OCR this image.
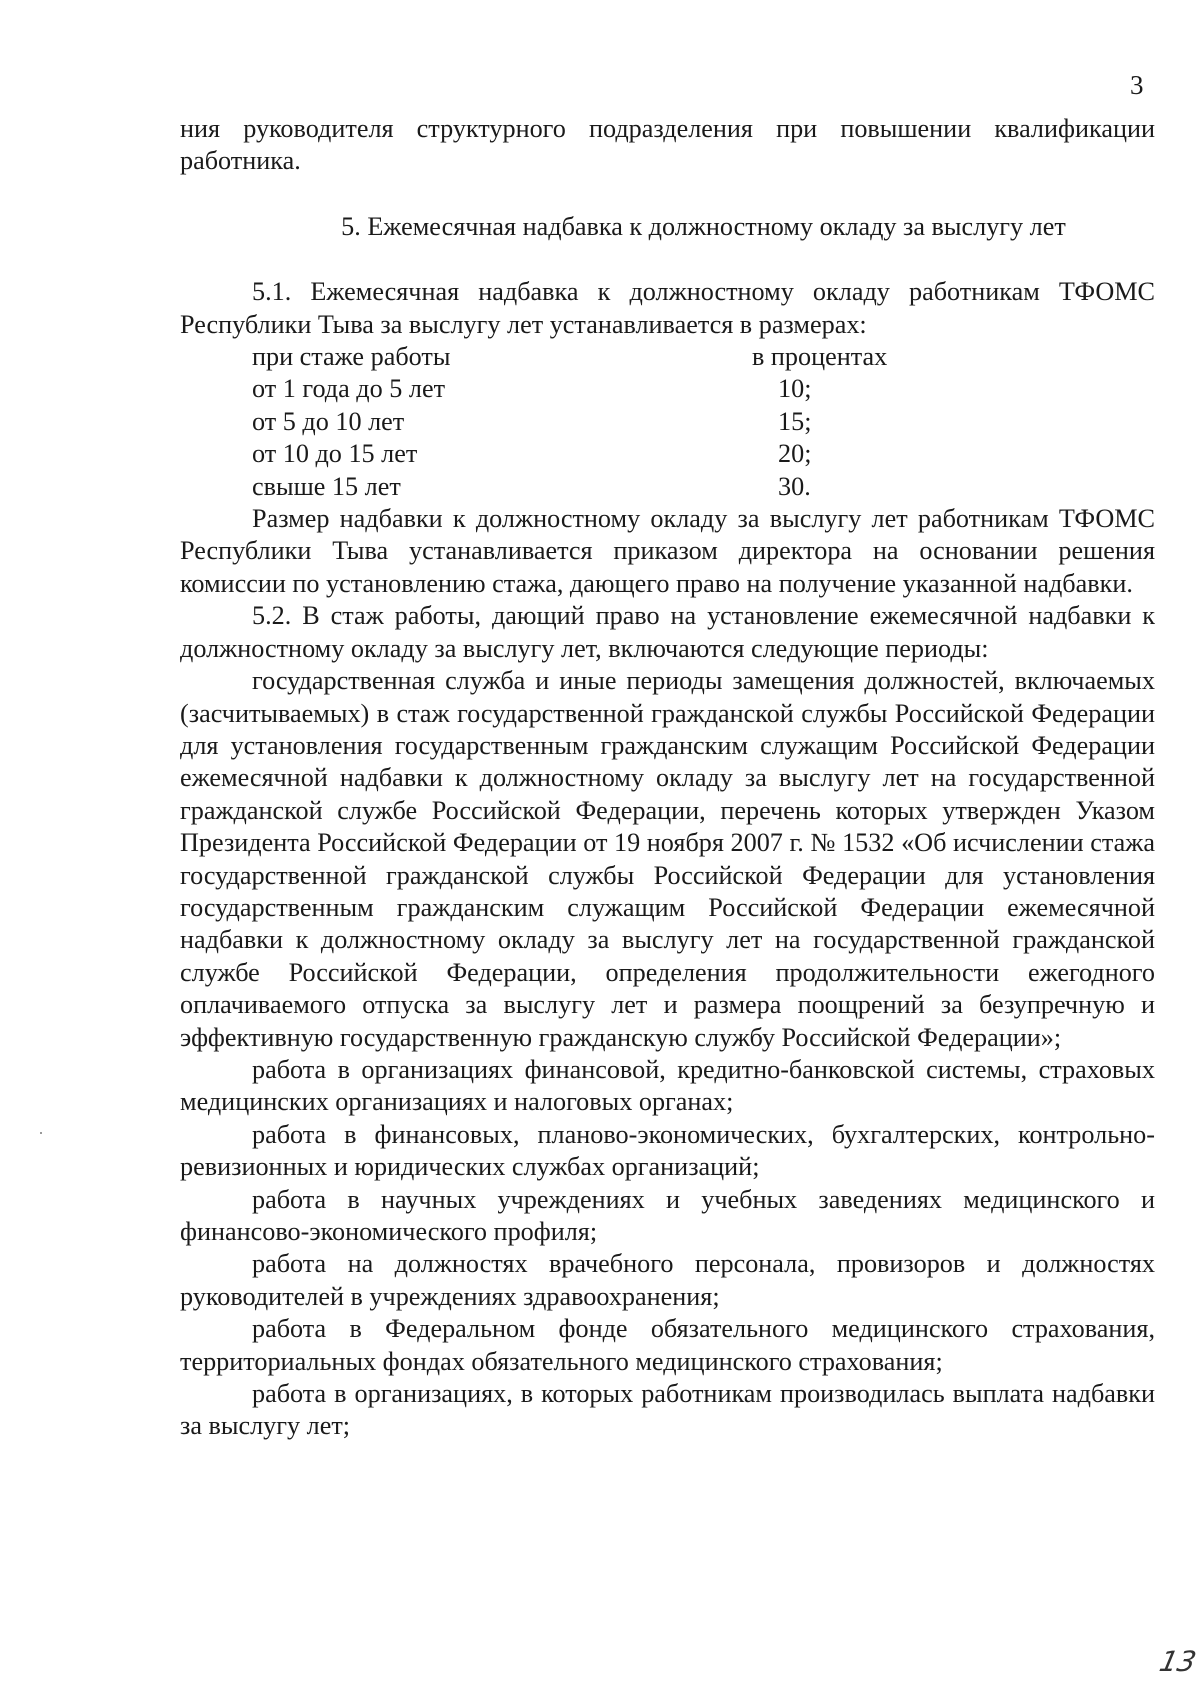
3

ния руководителя структурного подразделения при повышении квалификации работника.

5. Ежемесячная надбавка к должностному окладу за выслугу лет

5.1. Ежемесячная надбавка к должностному окладу работникам ТФОМС Республики Тыва за выслугу лет устанавливается в размерах:

при стаже работы	в процентах
от 1 года до 5 лет	10;
от 5 до 10 лет	15;
от 10 до 15 лет	20;
свыше 15 лет	30.

Размер надбавки к должностному окладу за выслугу лет работникам ТФОМС Республики Тыва устанавливается приказом директора на основании решения комиссии по установлению стажа, дающего право на получение указанной надбавки.

5.2. В стаж работы, дающий право на установление ежемесячной надбавки к должностному окладу за выслугу лет, включаются следующие периоды:

государственная служба и иные периоды замещения должностей, включаемых (засчитываемых) в стаж государственной гражданской службы Российской Федерации для установления государственным гражданским служащим Российской Федерации ежемесячной надбавки к должностному окладу за выслугу лет на государственной гражданской службе Российской Федерации, перечень которых утвержден Указом Президента Российской Федерации от 19 ноября 2007 г. № 1532 «Об исчислении стажа государственной гражданской службы Российской Федерации для установления государственным гражданским служащим Российской Федерации ежемесячной надбавки к должностному окладу за выслугу лет на государственной гражданской службе Российской Федерации, определения продолжительности ежегодного оплачиваемого отпуска за выслугу лет и размера поощрений за безупречную и эффективную государственную гражданскую службу Российской Федерации»;

работа в организациях финансовой, кредитно-банковской системы, страховых медицинских организациях и налоговых органах;

работа в финансовых, планово-экономических, бухгалтерских, контрольно-ревизионных и юридических службах организаций;

работа в научных учреждениях и учебных заведениях медицинского и финансово-экономического профиля;

работа на должностях врачебного персонала, провизоров и должностях руководителей в учреждениях здравоохранения;

работа в Федеральном фонде обязательного медицинского страхования, территориальных фондах обязательного медицинского страхования;

работа в организациях, в которых работникам производилась выплата надбавки за выслугу лет;

13
